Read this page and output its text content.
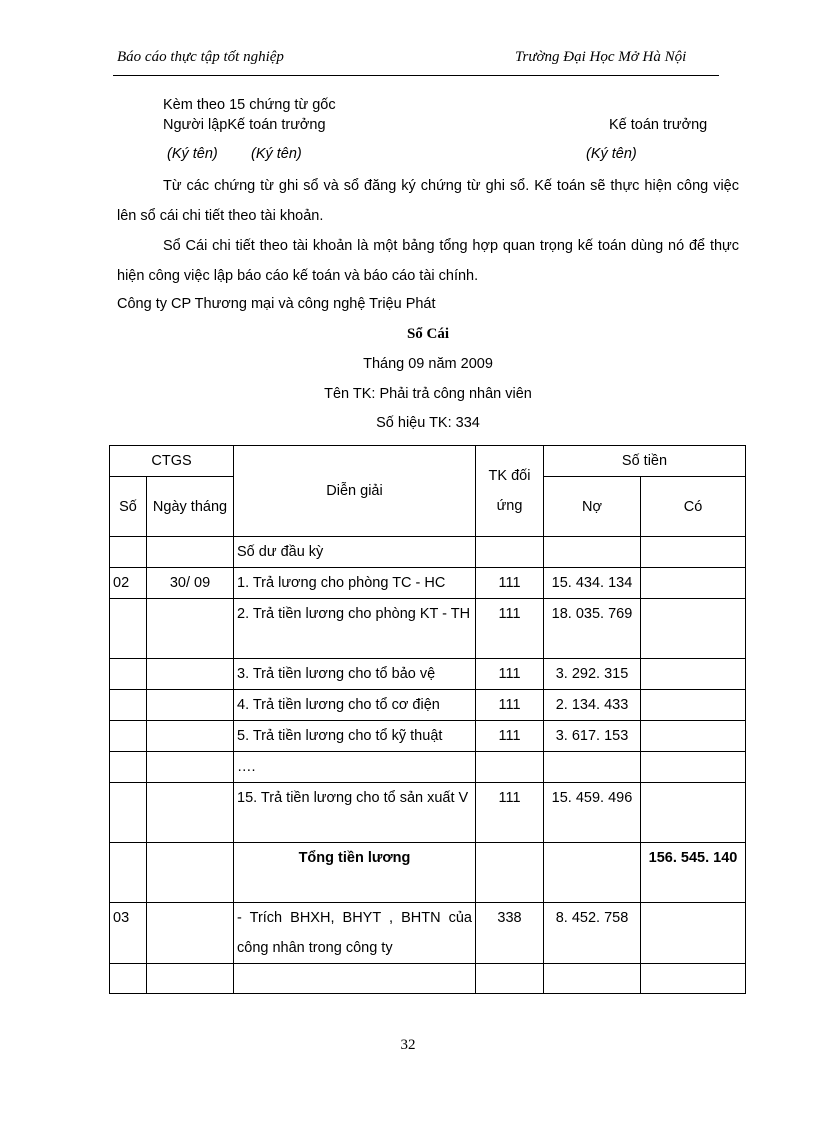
Báo cáo thực tập tốt nghiệp	Trường Đại Học Mở Hà Nội
Kèm theo 15 chứng từ gốc
Người lậpKế toán trưởng	Kế toán trưởng
(Ký tên) (Ký tên)	(Ký tên)
Từ các chứng từ ghi sổ và sổ đăng ký chứng từ ghi sổ. Kế toán sẽ thực hiện công việc lên sổ cái chi tiết theo tài khoản.
Sổ Cái chi tiết theo tài khoản là một bảng tổng hợp quan trọng kế toán dùng nó để thực hiện công việc lập báo cáo kế toán và báo cáo tài chính.
Công ty CP Thương mại và công nghệ Triệu Phát
Sổ Cái
Tháng 09 năm 2009
Tên TK: Phải trả công nhân viên
Số hiệu TK: 334
CTGS		Diễn giải	TK đối ứng	Số tiền	
Số	Ngày tháng			Nợ	Có
		Số dư đầu kỳ			
02	30/ 09	1. Trả lương cho phòng TC - HC	111	15. 434. 134	
		2. Trả tiền lương cho phòng KT - TH	111	18. 035. 769	
		3. Trả tiền lương cho tổ bảo vệ	111	3. 292. 315	
		4. Trả tiền lương cho tổ cơ điện	111	2. 134. 433	
		5. Trả tiền lương cho tổ kỹ thuật	111	3. 617. 153	
		….			
		15. Trả tiền lương cho tổ sản xuất V	111	15. 459. 496	
		Tổng tiền lương			156. 545. 140
03		- Trích BHXH, BHYT , BHTN của công nhân trong công ty	338	8. 452. 758	

32
